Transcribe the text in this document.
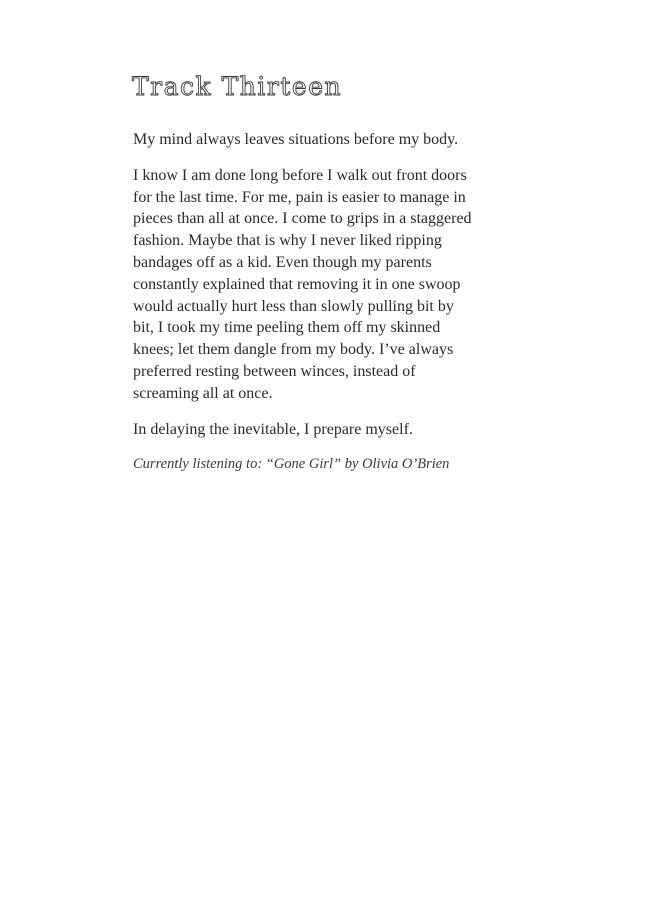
Track Thirteen

My mind always leaves situations before my body.

I know I am done long before I walk out front doors for the last time. For me, pain is easier to manage in pieces than all at once. I come to grips in a staggered fashion. Maybe that is why I never liked ripping bandages off as a kid. Even though my parents constantly explained that removing it in one swoop would actually hurt less than slowly pulling bit by bit, I took my time peeling them off my skinned knees; let them dangle from my body. I’ve always preferred resting between winces, instead of screaming all at once.

In delaying the inevitable, I prepare myself.

Currently listening to: “Gone Girl” by Olivia O’Brien
